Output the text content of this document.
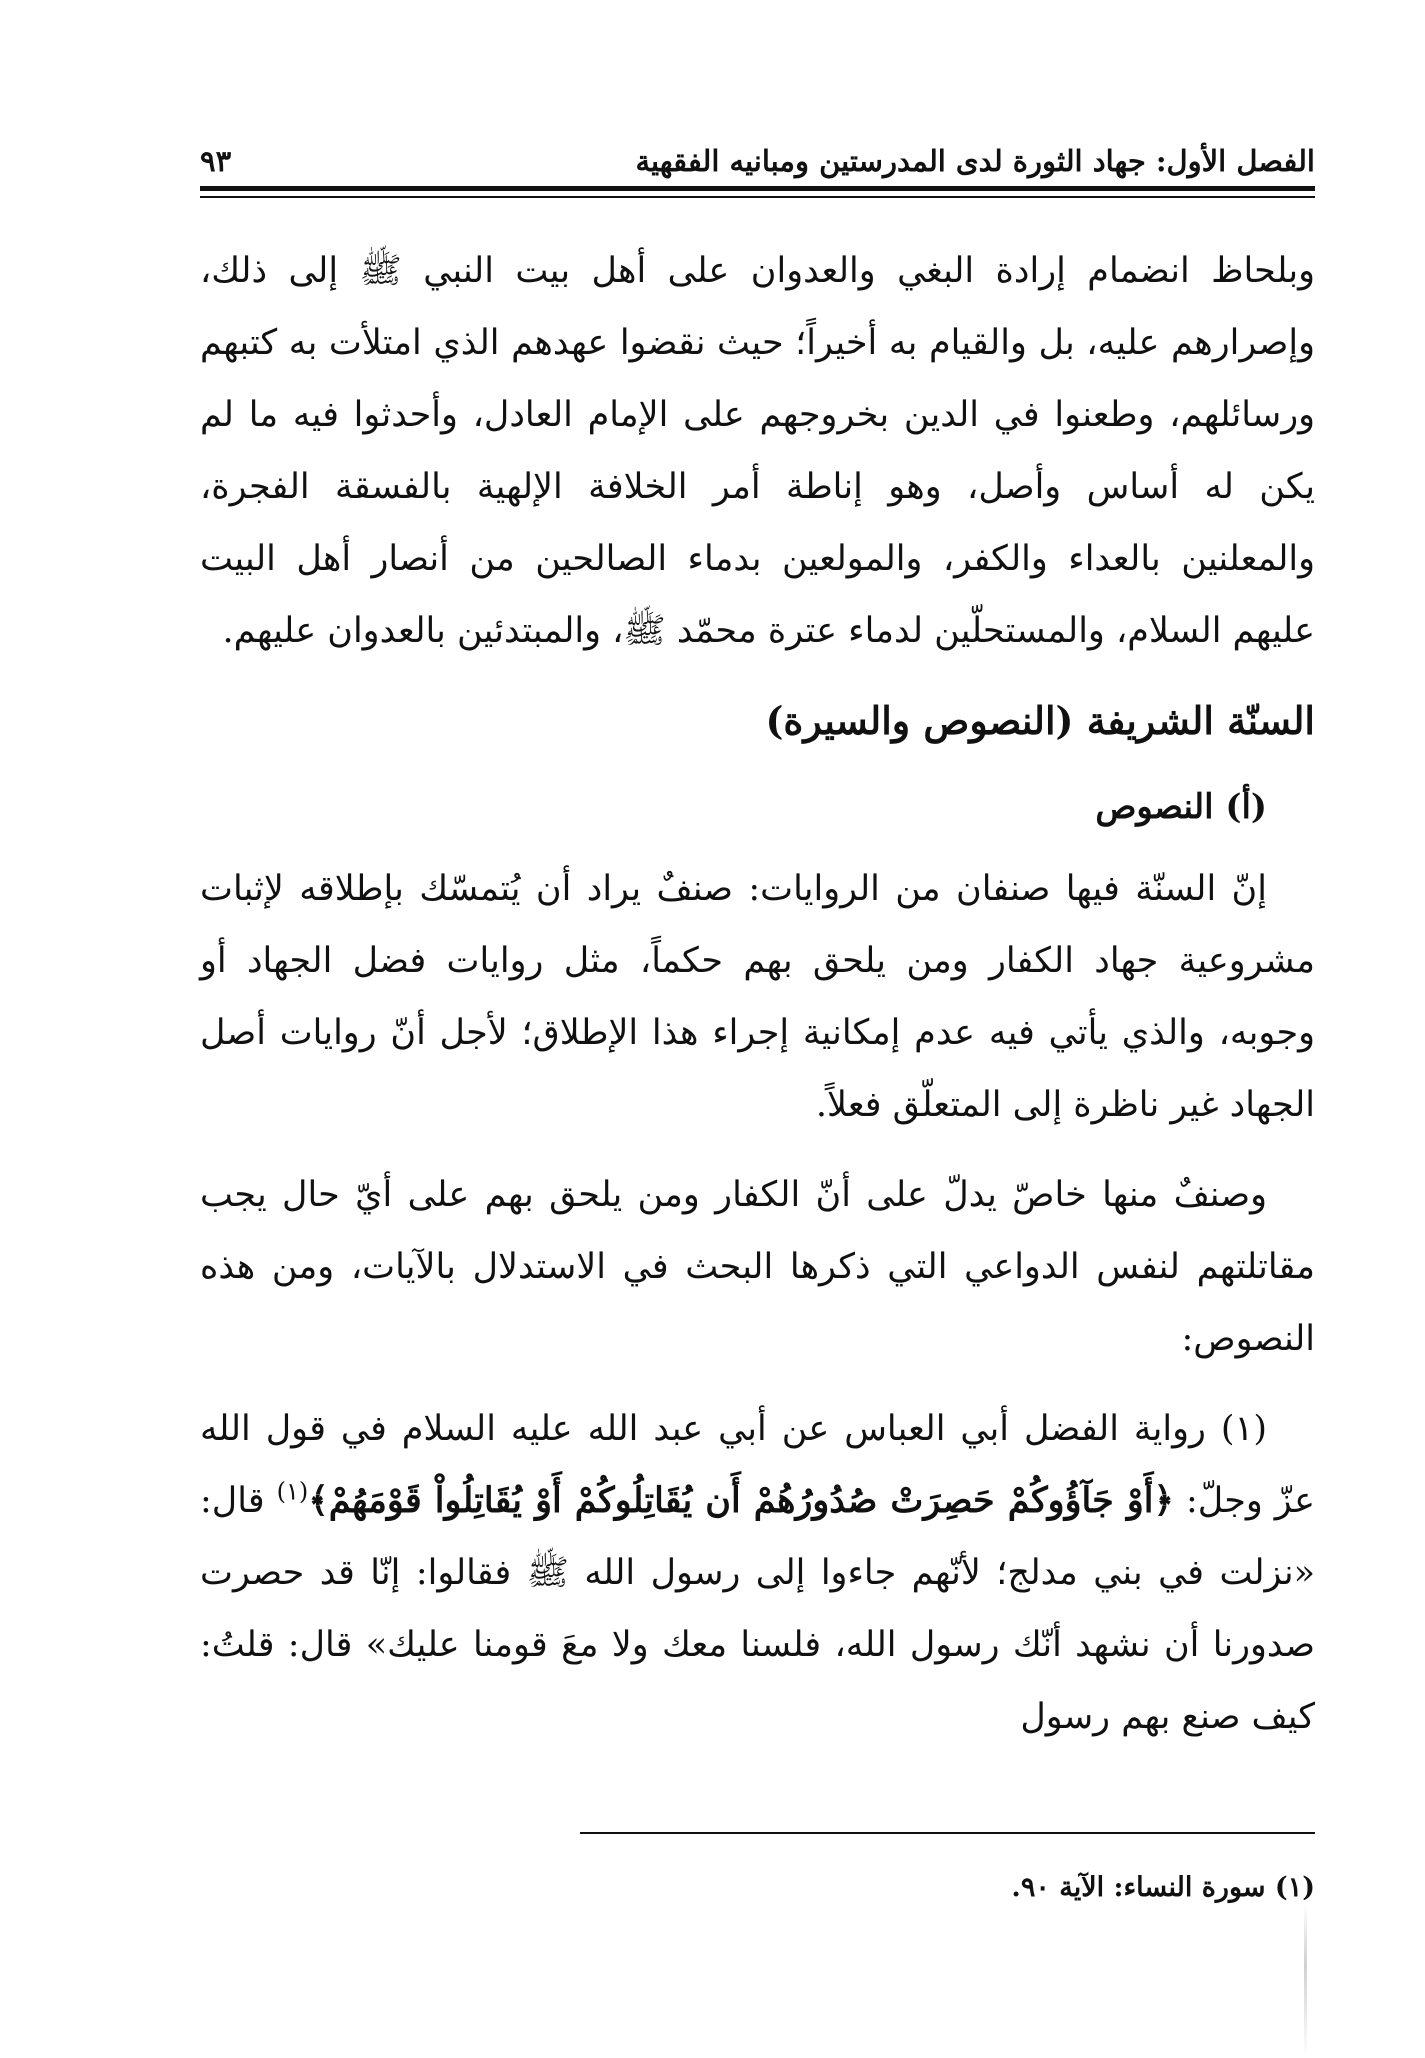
الفصل الأول: جهاد الثورة لدى المدرستين ومبانيه الفقهية
٩٣

وبلحاظ انضمام إرادة البغي والعدوان على أهل بيت النبي ﷺ إلى ذلك، وإصرارهم عليه، بل والقيام به أخيراً؛ حيث نقضوا عهدهم الذي امتلأت به كتبهم ورسائلهم، وطعنوا في الدين بخروجهم على الإمام العادل، وأحدثوا فيه ما لم يكن له أساس وأصل، وهو إناطة أمر الخلافة الإلهية بالفسقة الفجرة، والمعلنين بالعداء والكفر، والمولعين بدماء الصالحين من أنصار أهل البيت عليهم السلام، والمستحلّين لدماء عترة محمّد ﷺ، والمبتدئين بالعدوان عليهم.

السنّة الشريفة (النصوص والسيرة)

(أ) النصوص

إنّ السنّة فيها صنفان من الروايات: صنفٌ يراد أن يُتمسّك بإطلاقه لإثبات مشروعية جهاد الكفار ومن يلحق بهم حكماً، مثل روايات فضل الجهاد أو وجوبه، والذي يأتي فيه عدم إمكانية إجراء هذا الإطلاق؛ لأجل أنّ روايات أصل الجهاد غير ناظرة إلى المتعلّق فعلاً.

وصنفٌ منها خاصّ يدلّ على أنّ الكفار ومن يلحق بهم على أيّ حال يجب مقاتلتهم لنفس الدواعي التي ذكرها البحث في الاستدلال بالآيات، ومن هذه النصوص:

(١) رواية الفضل أبي العباس عن أبي عبد الله عليه السلام في قول الله عزّ وجلّ: ﴿أَوْ جَآؤُوكُمْ حَصِرَتْ صُدُورُهُمْ أَن يُقَاتِلُوكُمْ أَوْ يُقَاتِلُواْ قَوْمَهُمْ﴾$^{(١)}$ قال: «نزلت في بني مدلج؛ لأنّهم جاءوا إلى رسول الله ﷺ فقالوا: إنّا قد حصرت صدورنا أن نشهد أنّك رسول الله، فلسنا معك ولا معَ قومنا عليك» قال: قلتُ: كيف صنع بهم رسول

(١) سورة النساء: الآية ٩٠.
